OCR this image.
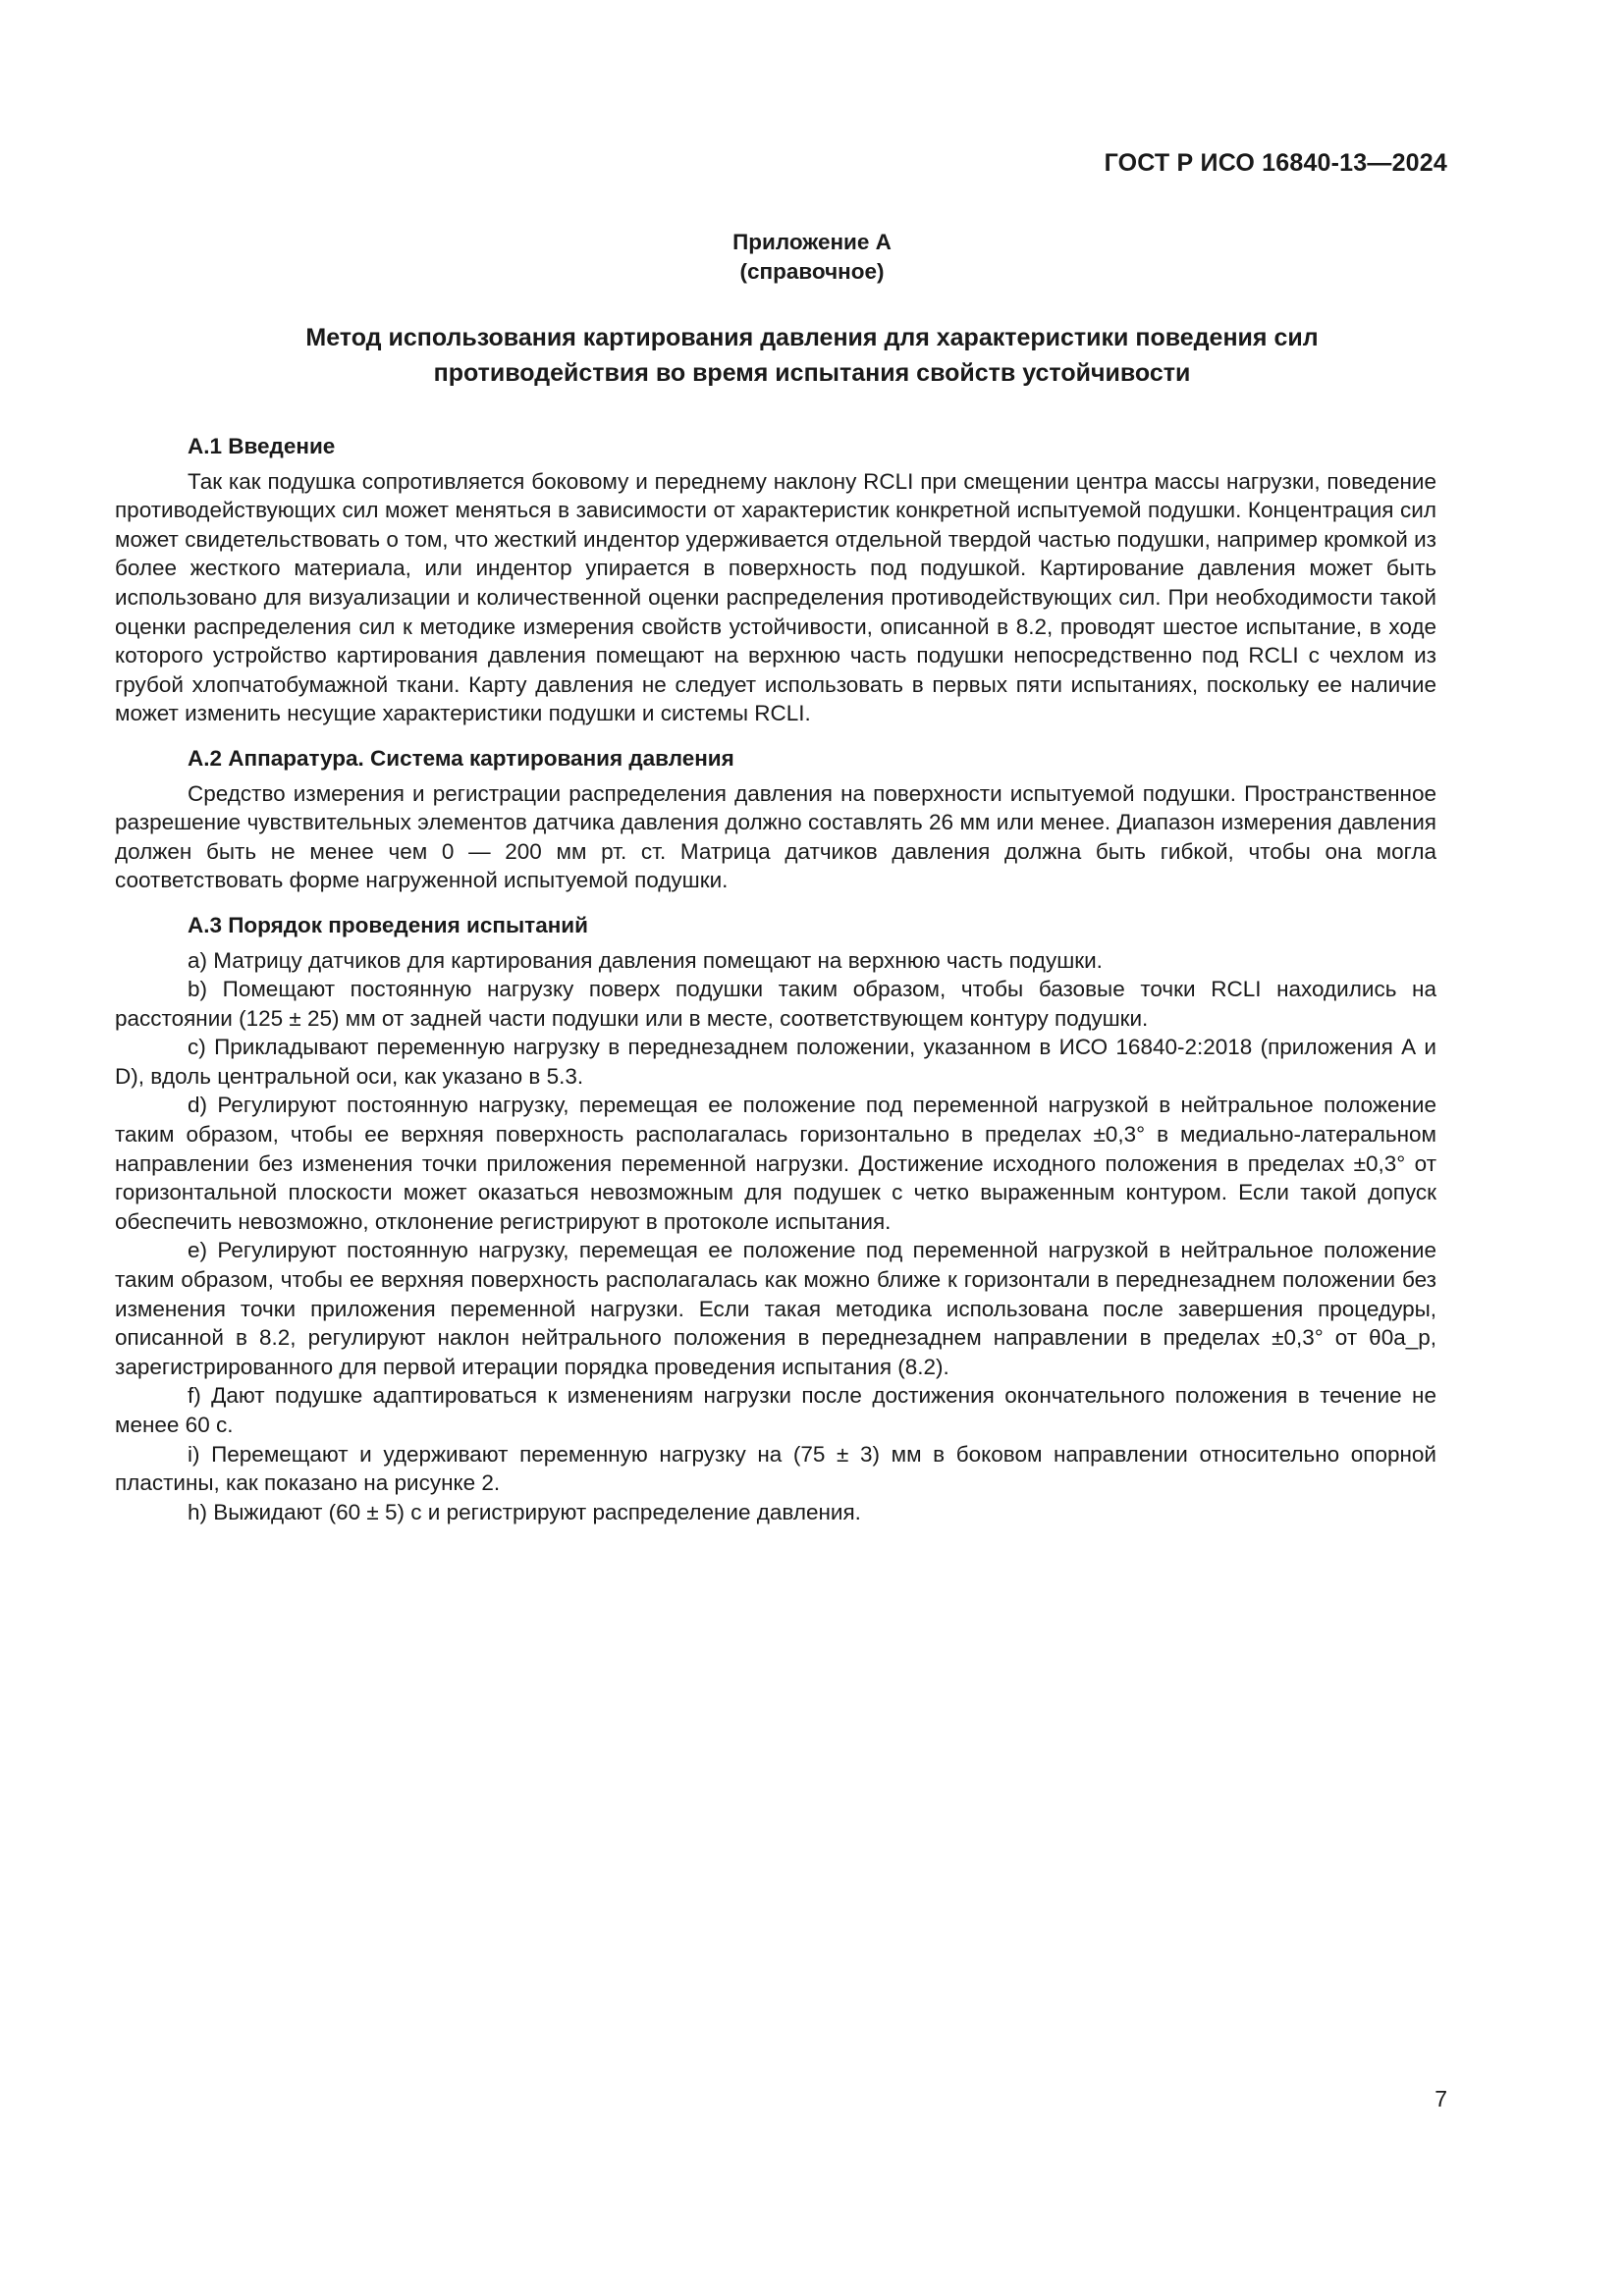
ГОСТ Р ИСО 16840-13—2024
Приложение А
(справочное)
Метод использования картирования давления для характеристики поведения сил
противодействия во время испытания свойств устойчивости
А.1 Введение

Так как подушка сопротивляется боковому и переднему наклону RCLI при смещении центра массы нагрузки, поведение противодействующих сил может меняться в зависимости от характеристик конкретной испытуемой подушки. Концентрация сил может свидетельствовать о том, что жесткий индентор удерживается отдельной твердой частью подушки, например кромкой из более жесткого материала, или индентор упирается в поверхность под подушкой. Картирование давления может быть использовано для визуализации и количественной оценки распределения противодействующих сил. При необходимости такой оценки распределения сил к методике измерения свойств устойчивости, описанной в 8.2, проводят шестое испытание, в ходе которого устройство картирования давления помещают на верхнюю часть подушки непосредственно под RCLI с чехлом из грубой хлопчатобумажной ткани. Карту давления не следует использовать в первых пяти испытаниях, поскольку ее наличие может изменить несущие характеристики подушки и системы RCLI.

А.2 Аппаратура. Система картирования давления

Средство измерения и регистрации распределения давления на поверхности испытуемой подушки. Пространственное разрешение чувствительных элементов датчика давления должно составлять 26 мм или менее. Диапазон измерения давления должен быть не менее чем 0 — 200 мм рт. ст. Матрица датчиков давления должна быть гибкой, чтобы она могла соответствовать форме нагруженной испытуемой подушки.

А.3 Порядок проведения испытаний

a) Матрицу датчиков для картирования давления помещают на верхнюю часть подушки.

b) Помещают постоянную нагрузку поверх подушки таким образом, чтобы базовые точки RCLI находились на расстоянии (125 ± 25) мм от задней части подушки или в месте, соответствующем контуру подушки.

c) Прикладывают переменную нагрузку в переднезаднем положении, указанном в ИСО 16840-2:2018 (приложения А и D), вдоль центральной оси, как указано в 5.3.

d) Регулируют постоянную нагрузку, перемещая ее положение под переменной нагрузкой в нейтральное положение таким образом, чтобы ее верхняя поверхность располагалась горизонтально в пределах ±0,3° в медиально-латеральном направлении без изменения точки приложения переменной нагрузки. Достижение исходного положения в пределах ±0,3° от горизонтальной плоскости может оказаться невозможным для подушек с четко выраженным контуром. Если такой допуск обеспечить невозможно, отклонение регистрируют в протоколе испытания.

e) Регулируют постоянную нагрузку, перемещая ее положение под переменной нагрузкой в нейтральное положение таким образом, чтобы ее верхняя поверхность располагалась как можно ближе к горизонтали в переднезаднем положении без изменения точки приложения переменной нагрузки. Если такая методика использована после завершения процедуры, описанной в 8.2, регулируют наклон нейтрального положения в переднезаднем направлении в пределах ±0,3° от θ0a_p, зарегистрированного для первой итерации порядка проведения испытания (8.2).

f) Дают подушке адаптироваться к изменениям нагрузки после достижения окончательного положения в течение не менее 60 с.

i) Перемещают и удерживают переменную нагрузку на (75 ± 3) мм в боковом направлении относительно опорной пластины, как показано на рисунке 2.

h) Выжидают (60 ± 5) с и регистрируют распределение давления.

7
